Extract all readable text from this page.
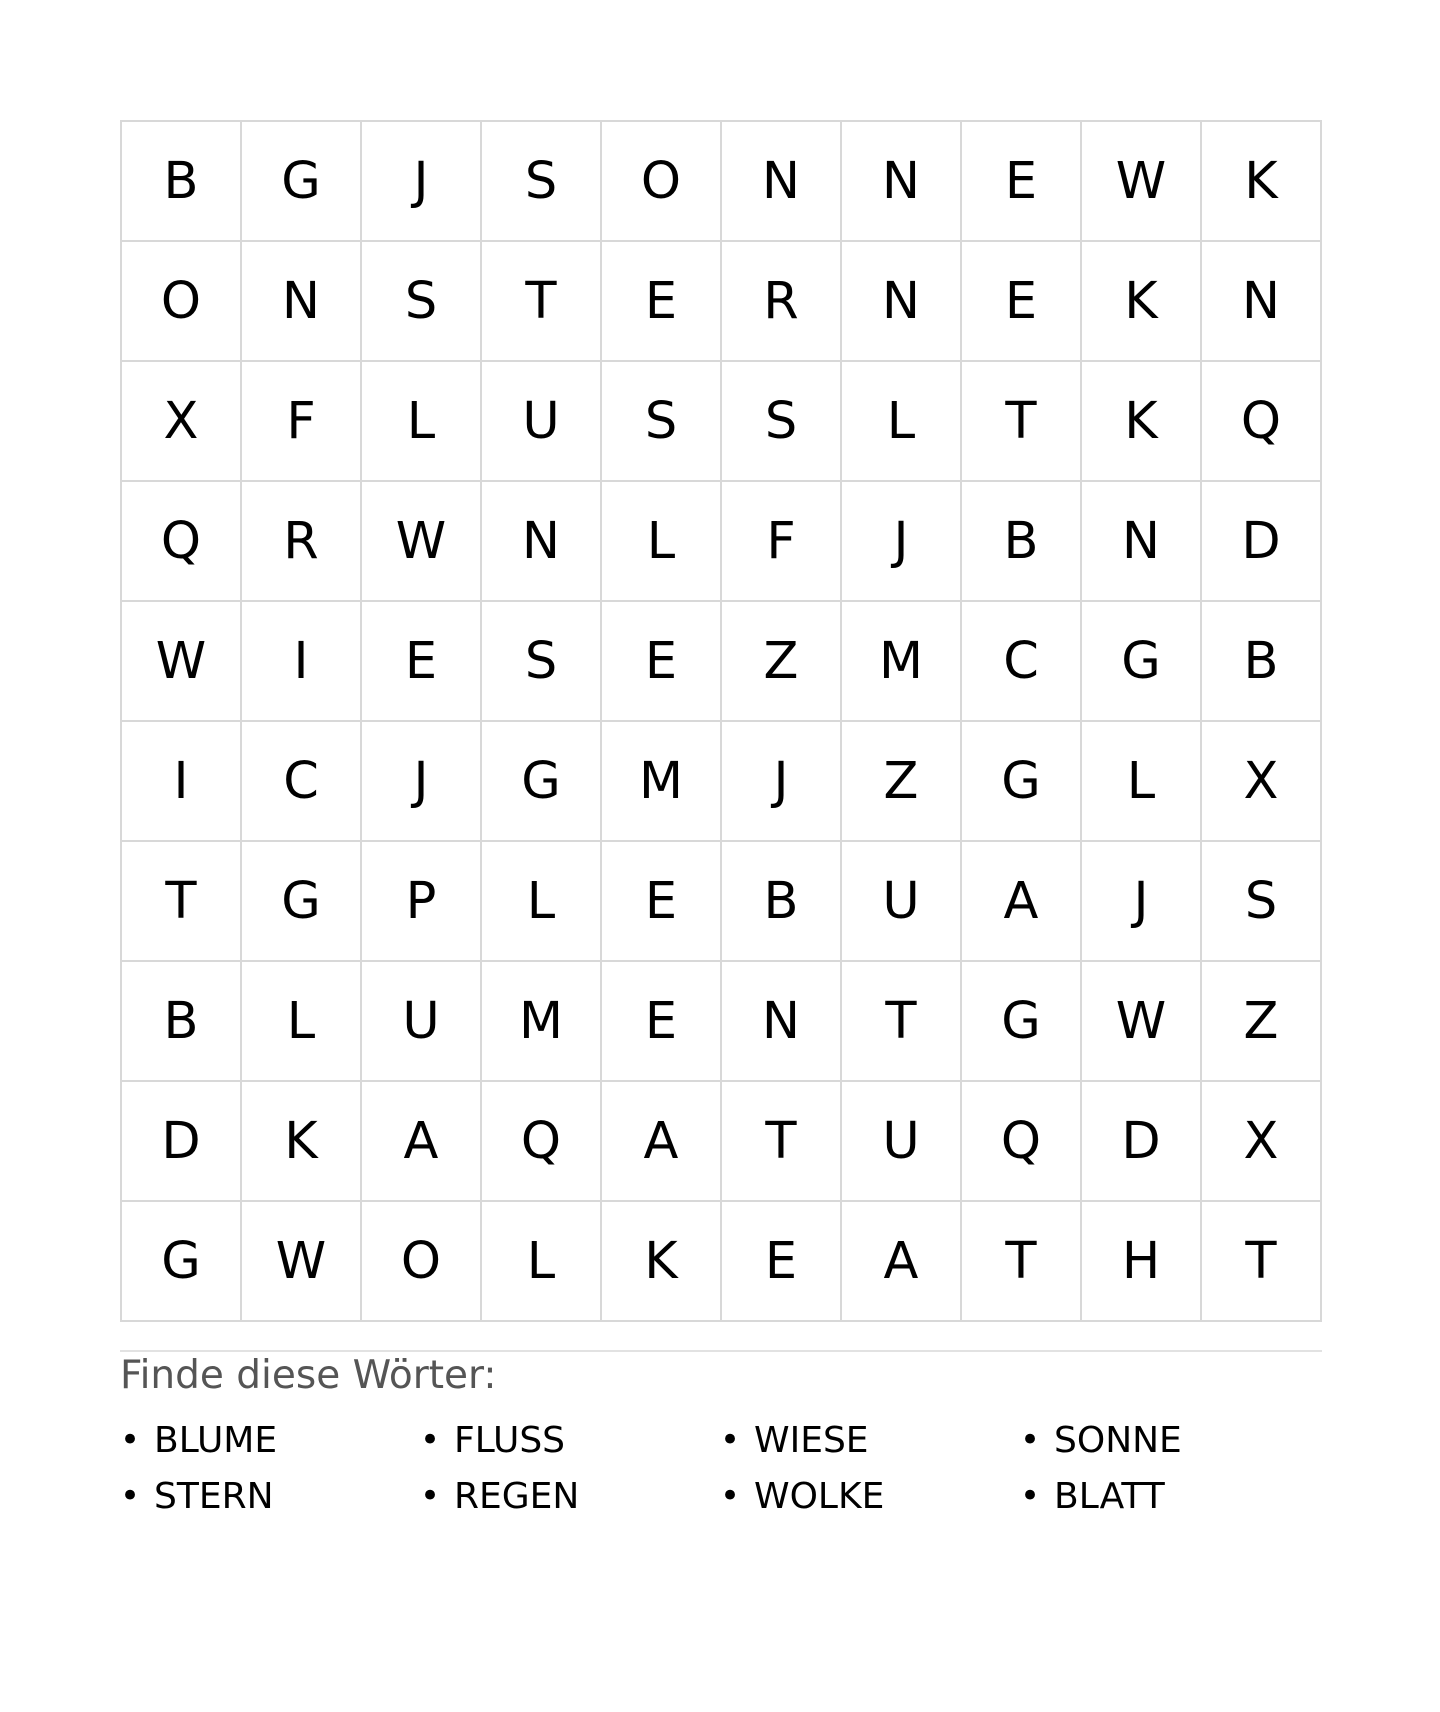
B	G	J	S	O	N	N	E	W	K
O	N	S	T	E	R	N	E	K	N
X	F	L	U	S	S	L	T	K	Q
Q	R	W	N	L	F	J	B	N	D
W	I	E	S	E	Z	M	C	G	B
I	C	J	G	M	J	Z	G	L	X
T	G	P	L	E	B	U	A	J	S
B	L	U	M	E	N	T	G	W	Z
D	K	A	Q	A	T	U	Q	D	X
G	W	O	L	K	E	A	T	H	T
Finde diese Wörter:
• BLUME	• FLUSS	• WIESE	• SONNE
• STERN	• REGEN	• WOLKE	• BLATT
